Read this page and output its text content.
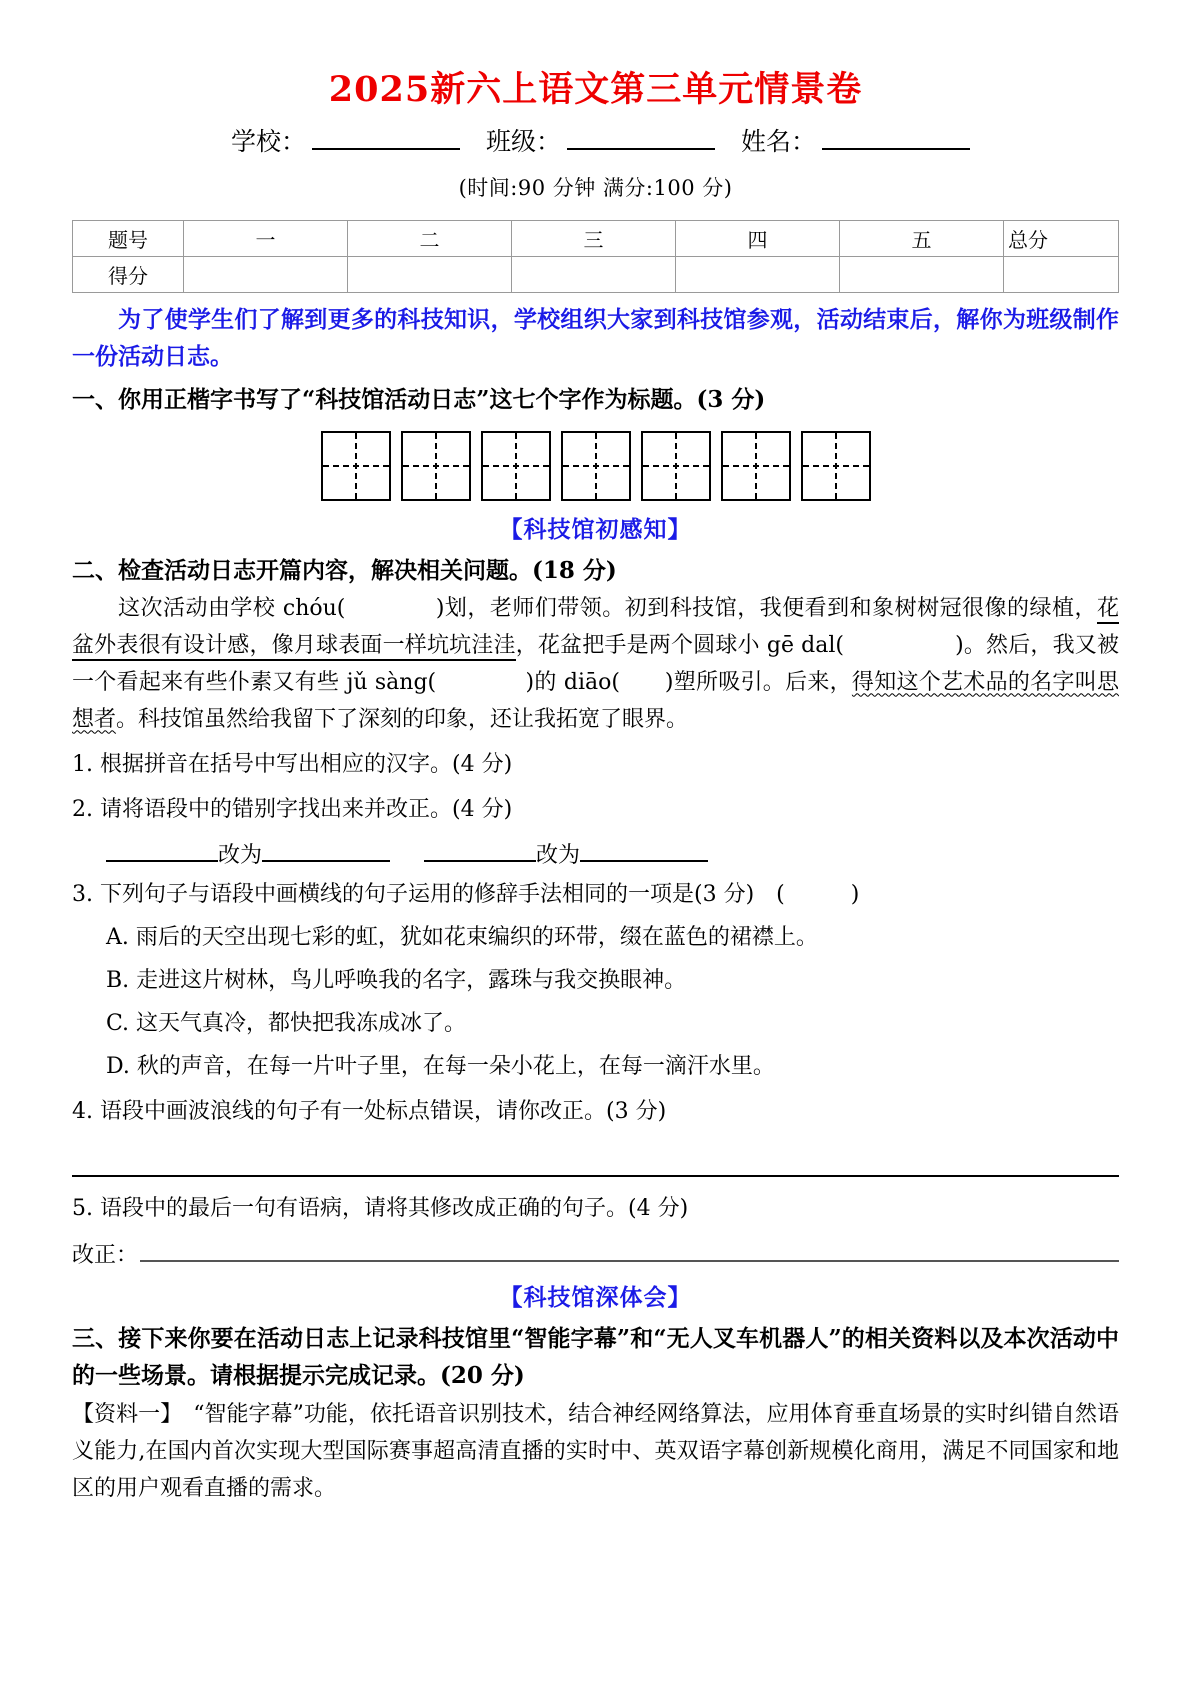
2025新六上语文第三单元情景卷
学校：	班级：	姓名：
(时间:90 分钟 满分:100 分)
题号	一	二	三	四	五	总分
得分						
为了使学生们了解到更多的科技知识，学校组织大家到科技馆参观，活动结束后，解你为班级制作一份活动日志。
一、你用正楷字书写了“科技馆活动日志”这七个字作为标题。(3 分)
【科技馆初感知】
二、检查活动日志开篇内容，解决相关问题。(18 分)
这次活动由学校 chóu(　　　　	)划，老师们带领。初到科技馆，我便看到和象树树冠很像的绿植，花盆外表很有设计感，像月球表面一样坑坑洼洼，花盆把手是两个圆球小 gē dal(　　　　　	)。然后，我又被一个看起来有些仆素又有些 jǔ sàng(　　　　	)的 diāo(　　 )塑所吸引。后来，得知这个艺术品的名字叫思想者。科技馆虽然给我留下了深刻的印象，还让我拓宽了眼界。
1. 根据拼音在括号中写出相应的汉字。(4 分)
2. 请将语段中的错别字找出来并改正。(4 分)
改为	改为
3. 下列句子与语段中画横线的句子运用的修辞手法相同的一项是(3 分)　(　　　)
A. 雨后的天空出现七彩的虹，犹如花束编织的环带，缀在蓝色的裙襟上。
B. 走进这片树林，鸟儿呼唤我的名字，露珠与我交换眼神。
C. 这天气真冷，都快把我冻成冰了。
D. 秋的声音，在每一片叶子里，在每一朵小花上，在每一滴汗水里。
4. 语段中画波浪线的句子有一处标点错误，请你改正。(3 分)
5. 语段中的最后一句有语病，请将其修改成正确的句子。(4 分)
改正：
【科技馆深体会】
三、接下来你要在活动日志上记录科技馆里“智能字幕”和“无人叉车机器人”的相关资料以及本次活动中的一些场景。请根据提示完成记录。(20 分)
【资料一】　“智能字幕”功能，依托语音识别技术，结合神经网络算法，应用体育垂直场景的实时纠错自然语义能力,在国内首次实现大型国际赛事超高清直播的实时中、英双语字幕创新规模化商用，满足不同国家和地区的用户观看直播的需求。
